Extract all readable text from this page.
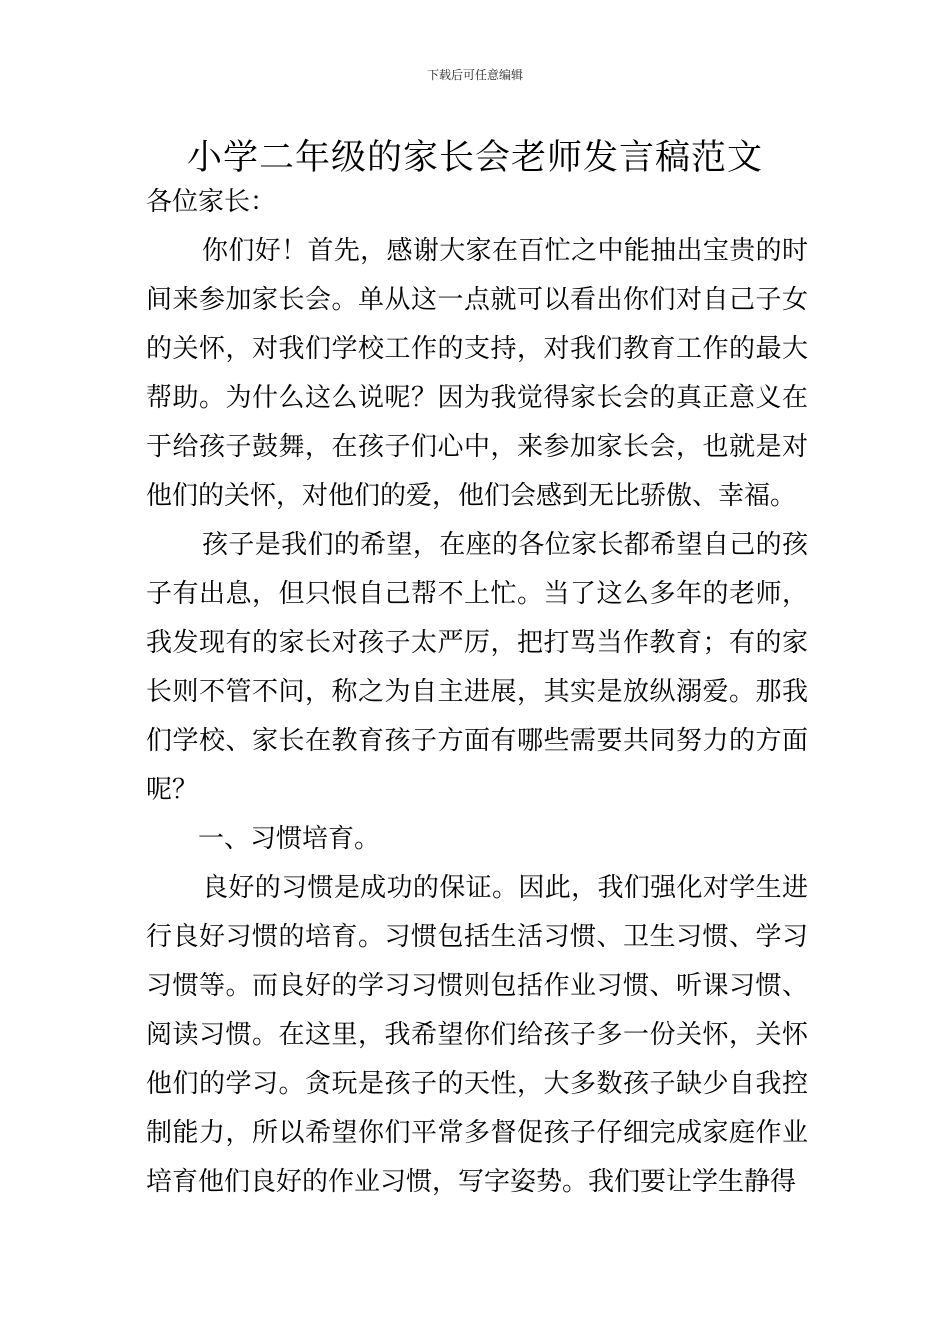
下载后可任意编辑
小学二年级的家长会老师发言稿范文

各位家长：

你们好！首先，感谢大家在百忙之中能抽出宝贵的时间来参加家长会。单从这一点就可以看出你们对自己子女的关怀，对我们学校工作的支持，对我们教育工作的最大帮助。为什么这么说呢？因为我觉得家长会的真正意义在于给孩子鼓舞，在孩子们心中，来参加家长会，也就是对他们的关怀，对他们的爱，他们会感到无比骄傲、幸福。

孩子是我们的希望，在座的各位家长都希望自己的孩子有出息，但只恨自己帮不上忙。当了这么多年的老师，我发现有的家长对孩子太严厉，把打骂当作教育；有的家长则不管不问，称之为自主进展，其实是放纵溺爱。那我们学校、家长在教育孩子方面有哪些需要共同努力的方面呢？

一、习惯培育。

良好的习惯是成功的保证。因此，我们强化对学生进行良好习惯的培育。习惯包括生活习惯、卫生习惯、学习习惯等。而良好的学习习惯则包括作业习惯、听课习惯、阅读习惯。在这里，我希望你们给孩子多一份关怀，关怀他们的学习。贪玩是孩子的天性，大多数孩子缺少自我控制能力，所以希望你们平常多督促孩子仔细完成家庭作业培育他们良好的作业习惯，写字姿势。我们要让学生静得
